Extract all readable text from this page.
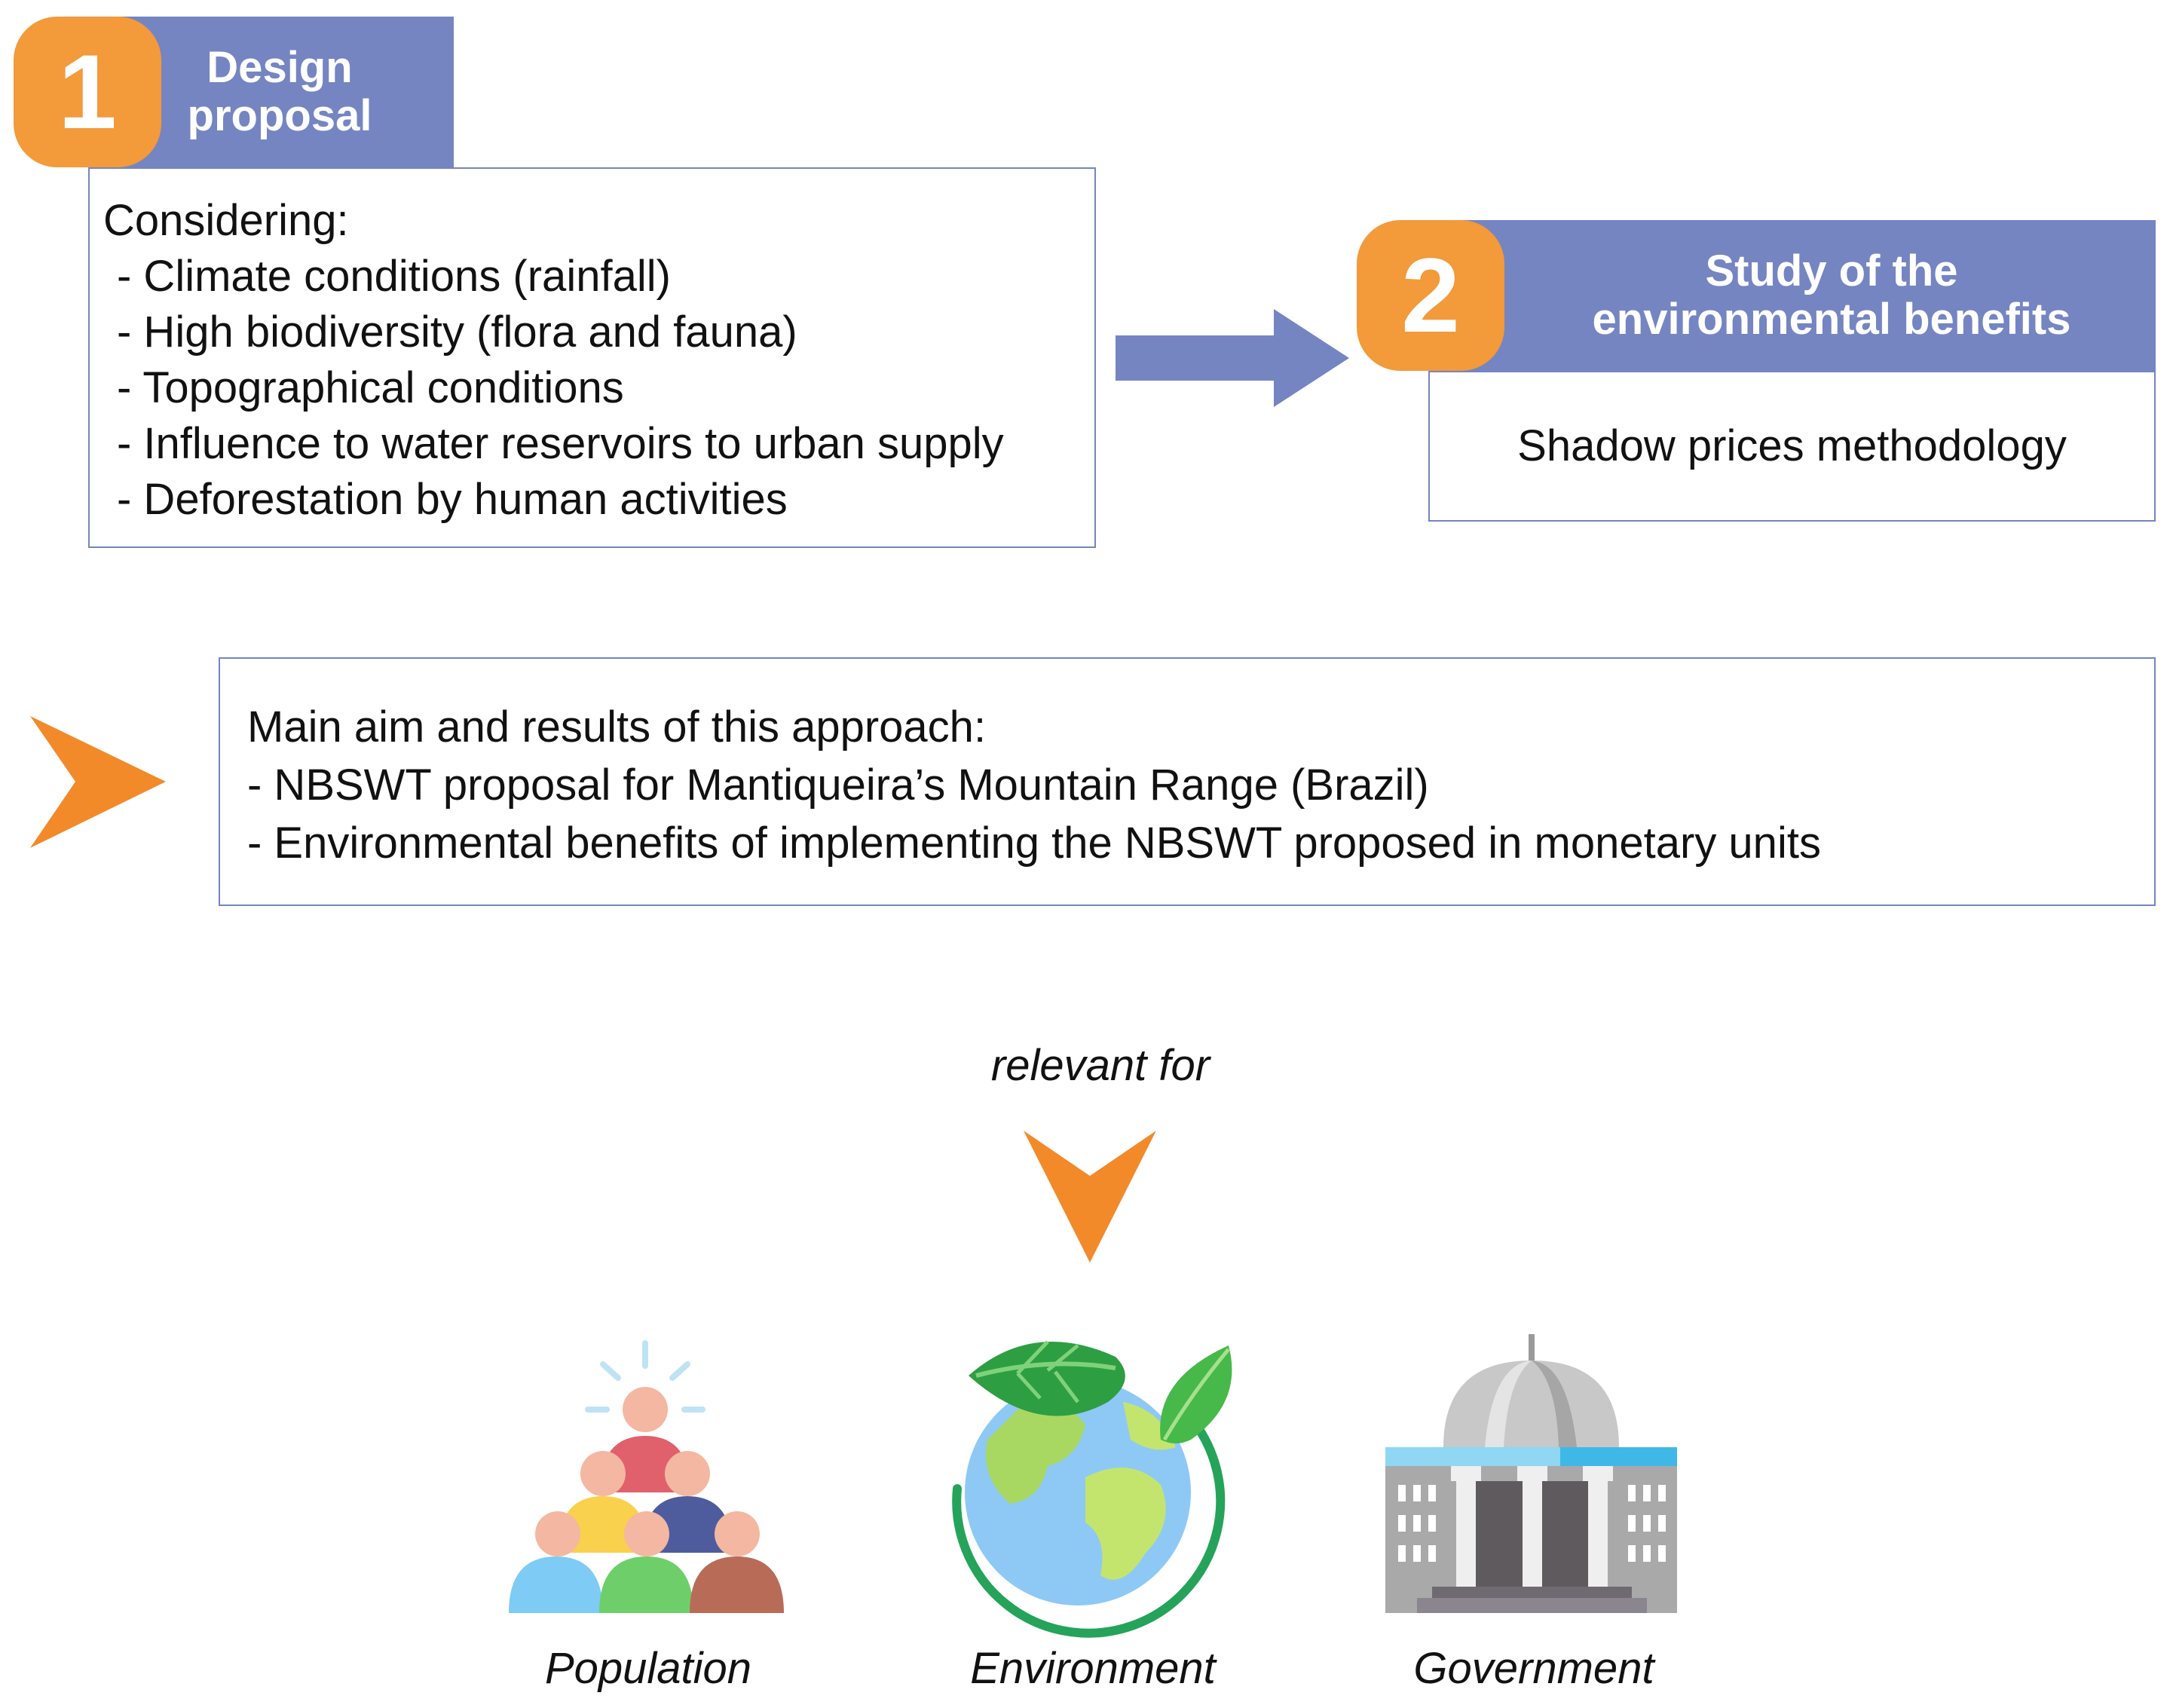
Design
proposal
1
Considering:
- Climate conditions (rainfall)
- High biodiversity (flora and fauna)
- Topographical conditions
- Influence to water reservoirs to urban supply
- Deforestation by human activities
Study of the
environmental benefits
2
Shadow prices methodology
Main aim and results of this approach:
- NBSWT proposal for Mantiqueira’s Mountain Range (Brazil)
- Environmental benefits of implementing the NBSWT proposed in monetary units
relevant for
Population	Environment	Government
